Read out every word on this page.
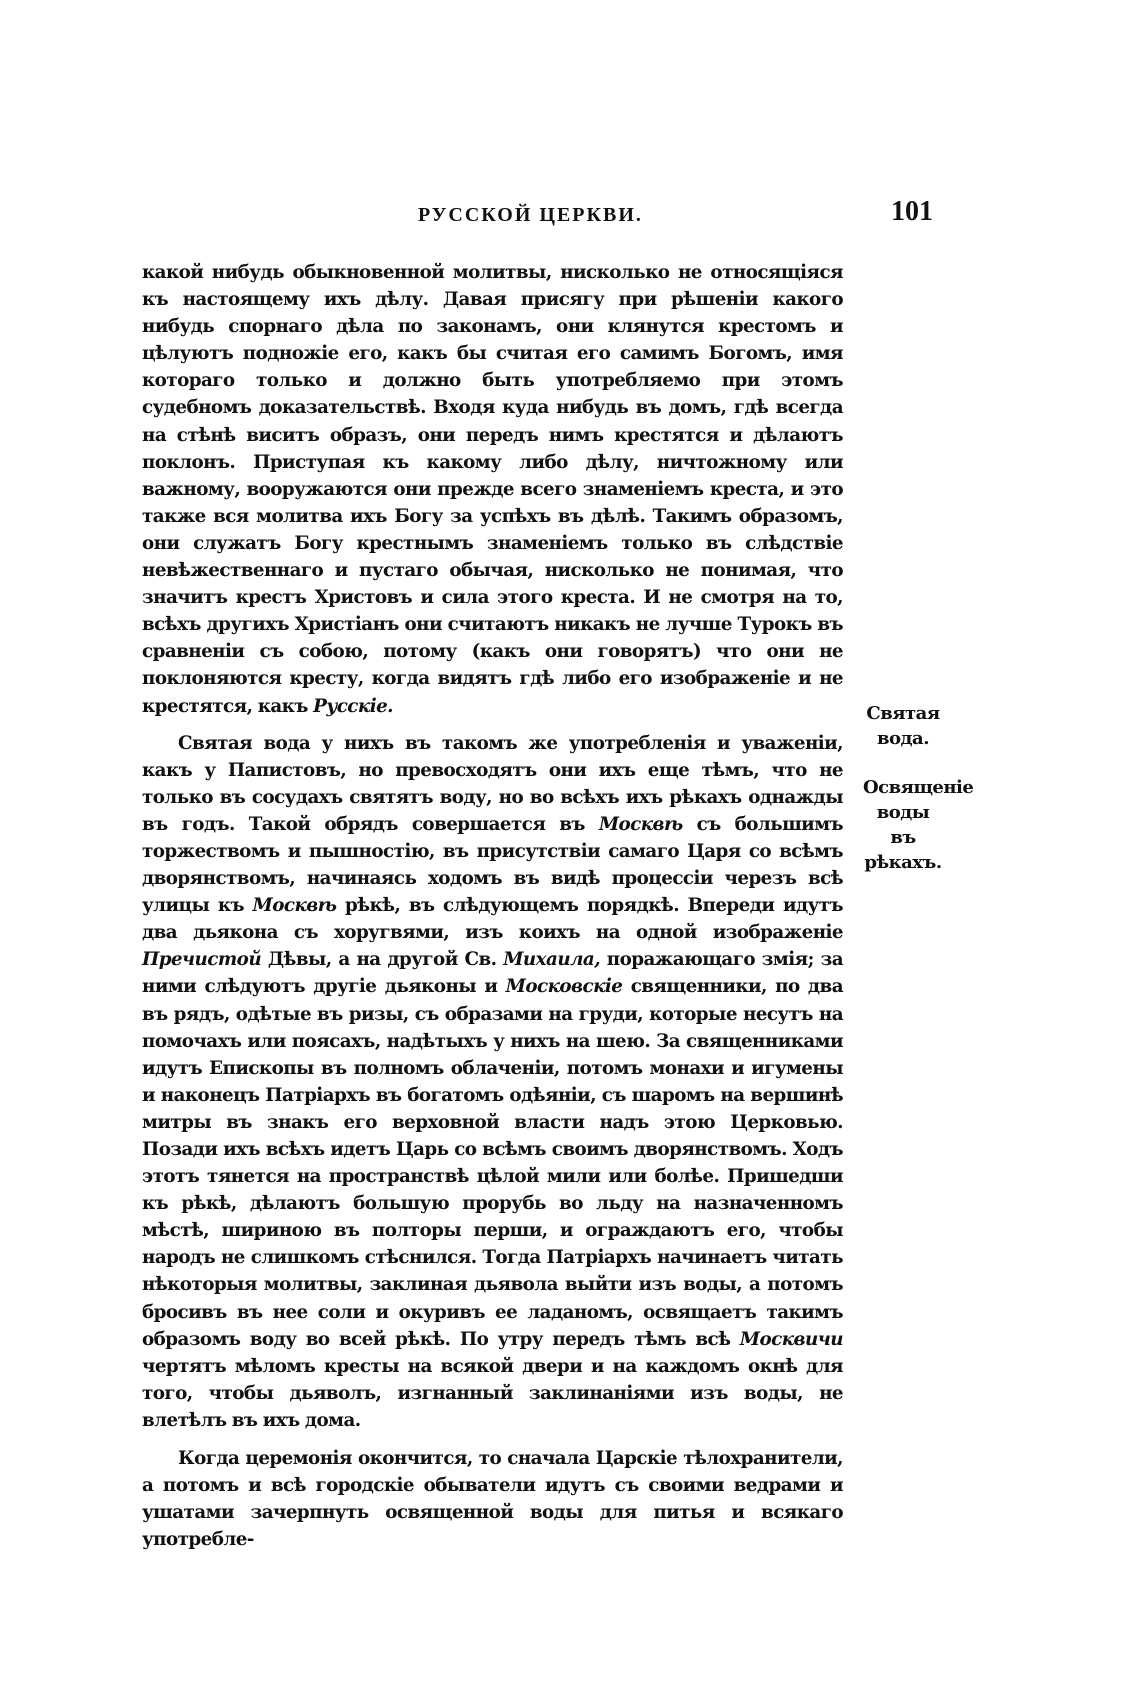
РУССКОЙ ЦЕРКВИ.	101

какой нибудь обыкновенной молитвы, нисколько не относящiяся къ настоящему ихъ дѣлу. Давая присягу при рѣшенiи какого нибудь спорнаго дѣла по законамъ, они клянутся крестомъ и цѣлуютъ подножiе его, какъ бы считая его самимъ Богомъ, имя котораго только и должно быть употребляемо при этомъ судебномъ доказательствѣ. Входя куда нибудь въ домъ, гдѣ всегда на стѣнѣ виситъ образъ, они передъ нимъ крестятся и дѣлаютъ поклонъ. Приступая къ какому либо дѣлу, ничтожному или важному, вооружаются они прежде всего знаменiемъ креста, и это также вся молитва ихъ Богу за успѣхъ въ дѣлѣ. Такимъ образомъ, они служатъ Богу крестнымъ знаменiемъ только въ слѣдствiе невѣжественнаго и пустаго обычая, нисколько не понимая, что значитъ крестъ Христовъ и сила этого креста. И не смотря на то, всѣхъ другихъ Христiанъ они считаютъ никакъ не лучше Турокъ въ сравненiи съ собою, потому (какъ они говорятъ) что они не поклоняются кресту, когда видятъ гдѣ либо его изображенiе и не крестятся, какъ Русскiе.

Святая вода у нихъ въ такомъ же употребленiя и уваженiи, какъ у Папистовъ, но превосходятъ они ихъ еще тѣмъ, что не только въ сосудахъ святятъ воду, но во всѣхъ ихъ рѣкахъ однажды въ годъ. Такой обрядъ совершается въ Москвѣ съ большимъ торжествомъ и пышностiю, въ присутствiи самаго Царя со всѣмъ дворянствомъ, начинаясь ходомъ въ видѣ процессiи черезъ всѣ улицы къ Москвѣ рѣкѣ, въ слѣдующемъ порядкѣ. Впереди идутъ два дьякона съ хоругвями, изъ коихъ на одной изображенiе Пречистой Дѣвы, а на другой Св. Михаила, поражающаго змiя; за ними слѣдуютъ другiе дьяконы и Московскiе священники, по два въ рядъ, одѣтые въ ризы, съ образами на груди, которые несутъ на помочахъ или поясахъ, надѣтыхъ у нихъ на шею. За священниками идутъ Епископы въ полномъ облаченiи, потомъ монахи и игумены и наконецъ Патрiархъ въ богатомъ одѣянiи, съ шаромъ на вершинѣ митры въ знакъ его верховной власти надъ этою Церковью. Позади ихъ всѣхъ идетъ Царь со всѣмъ своимъ дворянствомъ. Ходъ этотъ тянется на пространствѣ цѣлой мили или болѣе. Пришедши къ рѣкѣ, дѣлаютъ большую прорубь во льду на назначенномъ мѣстѣ, шириною въ полторы перши, и ограждаютъ его, чтобы народъ не слишкомъ стѣснился. Тогда Патрiархъ начинаетъ читать нѣкоторыя молитвы, заклиная дьявола выйти изъ воды, а потомъ бросивъ въ нее соли и окуривъ ее ладаномъ, освящаетъ такимъ образомъ воду во всей рѣкѣ. По утру передъ тѣмъ всѣ Москвичи чертятъ мѣломъ кресты на всякой двери и на каждомъ окнѣ для того, чтобы дьяволъ, изгнанный заклинанiями изъ воды, не влетѣлъ въ ихъ дома.

Когда церемонiя окончится, то сначала Царскiе тѣлохранители, а потомъ и всѣ городскiе обыватели идутъ съ своими ведрами и ушатами зачерпнуть освященной воды для питья и всякаго употребле-

Святая вода.
Освященiе воды въ рѣкахъ.
